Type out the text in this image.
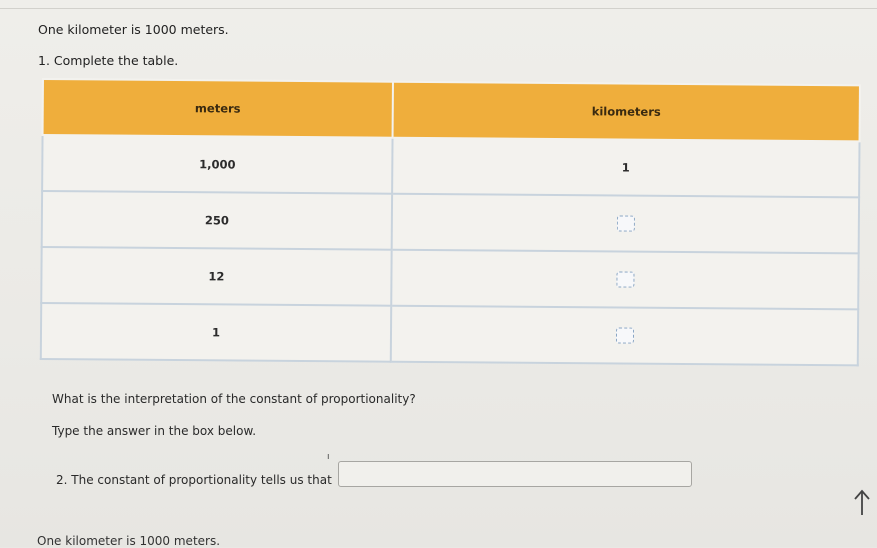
One kilometer is 1000 meters.
1. Complete the table.
meters	kilometers
1,000	1
250	
12	
1	
What is the interpretation of the constant of proportionality?
Type the answer in the box below.
2. The constant of proportionality tells us that
ı
One kilometer is 1000 meters.
